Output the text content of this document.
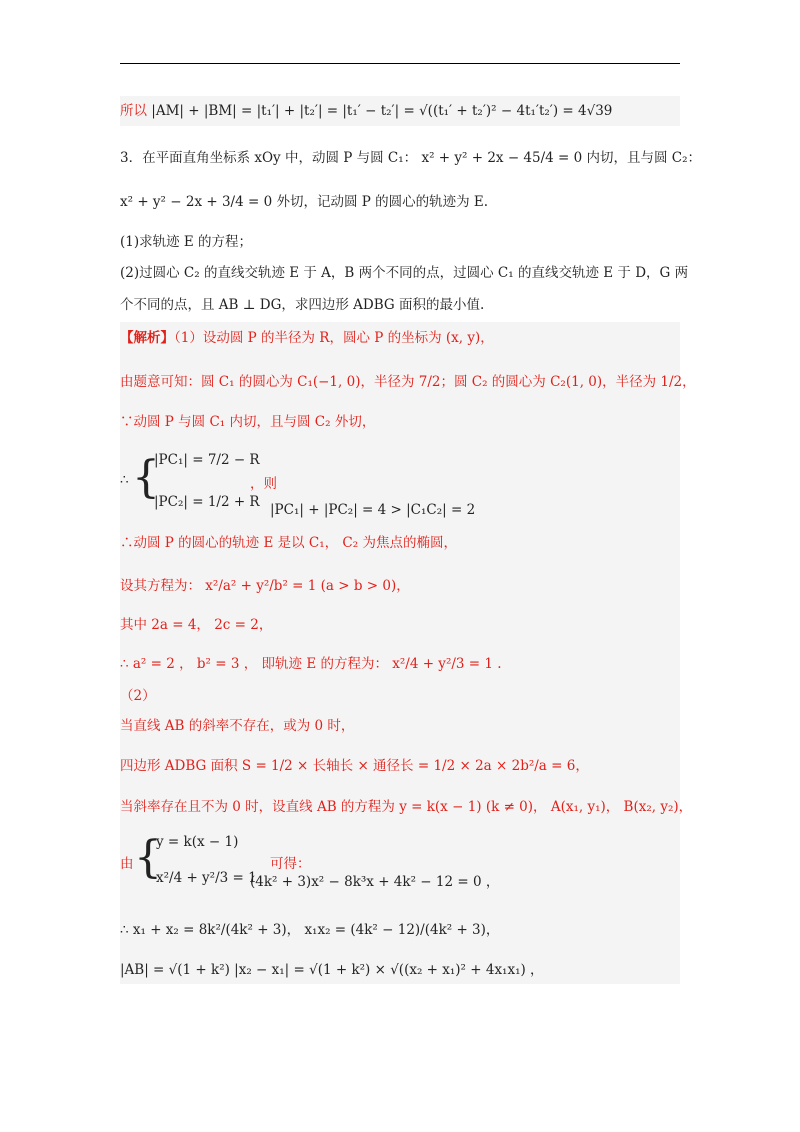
所以 |AM| + |BM| = |t₁′| + |t₂′| = |t₁′ − t₂′| = √((t₁′ + t₂′)² − 4t₁′t₂′) = 4√39
3．在平面直角坐标系 xOy 中，动圆 P 与圆 C₁： x² + y² + 2x − 45/4 = 0 内切，且与圆 C₂：
x² + y² − 2x + 3/4 = 0 外切，记动圆 P 的圆心的轨迹为 E.
(1)求轨迹 E 的方程；
(2)过圆心 C₂ 的直线交轨迹 E 于 A，B 两个不同的点，过圆心 C₁ 的直线交轨迹 E 于 D，G 两
个不同的点，且 AB ⊥ DG，求四边形 ADBG 面积的最小值.
【解析】（1）设动圆 P 的半径为 R，圆心 P 的坐标为 (x, y)，
由题意可知：圆 C₁ 的圆心为 C₁(−1, 0)，半径为 7/2；圆 C₂ 的圆心为 C₂(1, 0)，半径为 1/2，
∵动圆 P 与圆 C₁ 内切，且与圆 C₂ 外切，
∴ {
|PC₁| = 7/2 − R
|PC₂| = 1/2 + R
，则
|PC₁| + |PC₂| = 4 > |C₁C₂| = 2
∴动圆 P 的圆心的轨迹 E 是以 C₁， C₂ 为焦点的椭圆，
设其方程为： x²/a² + y²/b² = 1 (a > b > 0)，
其中 2a = 4， 2c = 2，
∴ a² = 2 ， b² = 3 ， 即轨迹 E 的方程为： x²/4 + y²/3 = 1 .
（2）
当直线 AB 的斜率不存在，或为 0 时，
四边形 ADBG 面积 S = 1/2 × 长轴长 × 通径长 = 1/2 × 2a × 2b²/a = 6，
当斜率存在且不为 0 时，设直线 AB 的方程为 y = k(x − 1) (k ≠ 0)， A(x₁, y₁)， B(x₂, y₂)，
由 {
y = k(x − 1)
x²/4 + y²/3 = 1
可得：
(4k² + 3)x² − 8k³x + 4k² − 12 = 0 ，
∴ x₁ + x₂ = 8k²/(4k² + 3)， x₁x₂ = (4k² − 12)/(4k² + 3)，
|AB| = √(1 + k²) |x₂ − x₁| = √(1 + k²) × √((x₂ + x₁)² + 4x₁x₁) ，
